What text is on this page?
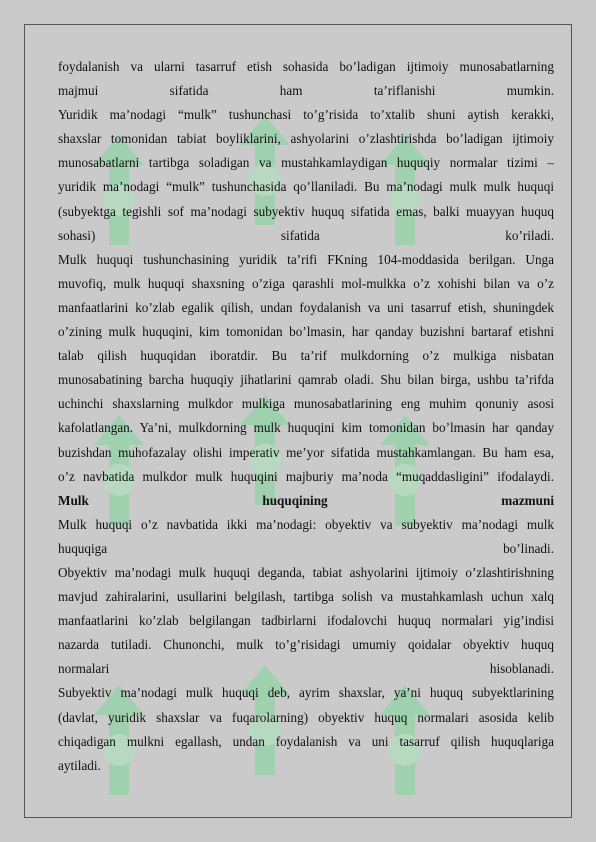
foydalanish va ularni tasarruf etish sohasida bo’ladigan ijtimoiy munosabatlarning
majmui sifatida ham ta’riflanishi mumkin.
Yuridik ma’nodagi “mulk” tushunchasi to’g’risida to’xtalib shuni aytish kerakki,
shaxslar tomonidan tabiat boyliklarini, ashyolarini o’zlashtirishda bo’ladigan ijtimoiy
munosabatlarni tartibga soladigan va mustahkamlaydigan huquqiy normalar tizimi –
yuridik ma’nodagi “mulk” tushunchasida qo’llaniladi. Bu ma’nodagi mulk mulk huquqi
(subyektga tegishli sof ma’nodagi subyektiv huquq sifatida emas, balki muayyan huquq
sohasi) sifatida ko’riladi.
Mulk huquqi tushunchasining yuridik ta’rifi FKning 104-moddasida berilgan. Unga
muvofiq, mulk huquqi shaxsning o’ziga qarashli mol-mulkka o’z xohishi bilan va o’z
manfaatlarini ko’zlab egalik qilish, undan foydalanish va uni tasarruf etish, shuningdek
o’zining mulk huquqini, kim tomonidan bo’lmasin, har qanday buzishni bartaraf etishni
talab qilish huquqidan iboratdir. Bu ta’rif mulkdorning o’z mulkiga nisbatan
munosabatining barcha huquqiy jihatlarini qamrab oladi. Shu bilan birga, ushbu ta’rifda
uchinchi shaxslarning mulkdor mulkiga munosabatlarining eng muhim qonuniy asosi
kafolatlangan. Ya’ni, mulkdorning mulk huquqini kim tomonidan bo’lmasin har qanday
buzishdan muhofazalay olishi imperativ me’yor sifatida mustahkamlangan. Bu ham esa,
o’z navbatida mulkdor mulk huquqini majburiy ma’noda “muqaddasligini” ifodalaydi.
Mulk huquqining mazmuni
Mulk huquqi o’z navbatida ikki ma’nodagi: obyektiv va subyektiv ma’nodagi mulk
huquqiga bo’linadi.
Obyektiv ma’nodagi mulk huquqi deganda, tabiat ashyolarini ijtimoiy o’zlashtirishning
mavjud zahiralarini, usullarini belgilash, tartibga solish va mustahkamlash uchun xalq
manfaatlarini ko’zlab belgilangan tadbirlarni ifodalovchi huquq normalari yig’indisi
nazarda tutiladi. Chunonchi, mulk to’g’risidagi umumiy qoidalar obyektiv huquq
normalari hisoblanadi.
Subyektiv ma’nodagi mulk huquqi deb, ayrim shaxslar, ya’ni huquq subyektlarining
(davlat, yuridik shaxslar va fuqarolarning) obyektiv huquq normalari asosida kelib
chiqadigan mulkni egallash, undan foydalanish va uni tasarruf qilish huquqlariga
aytiladi.
